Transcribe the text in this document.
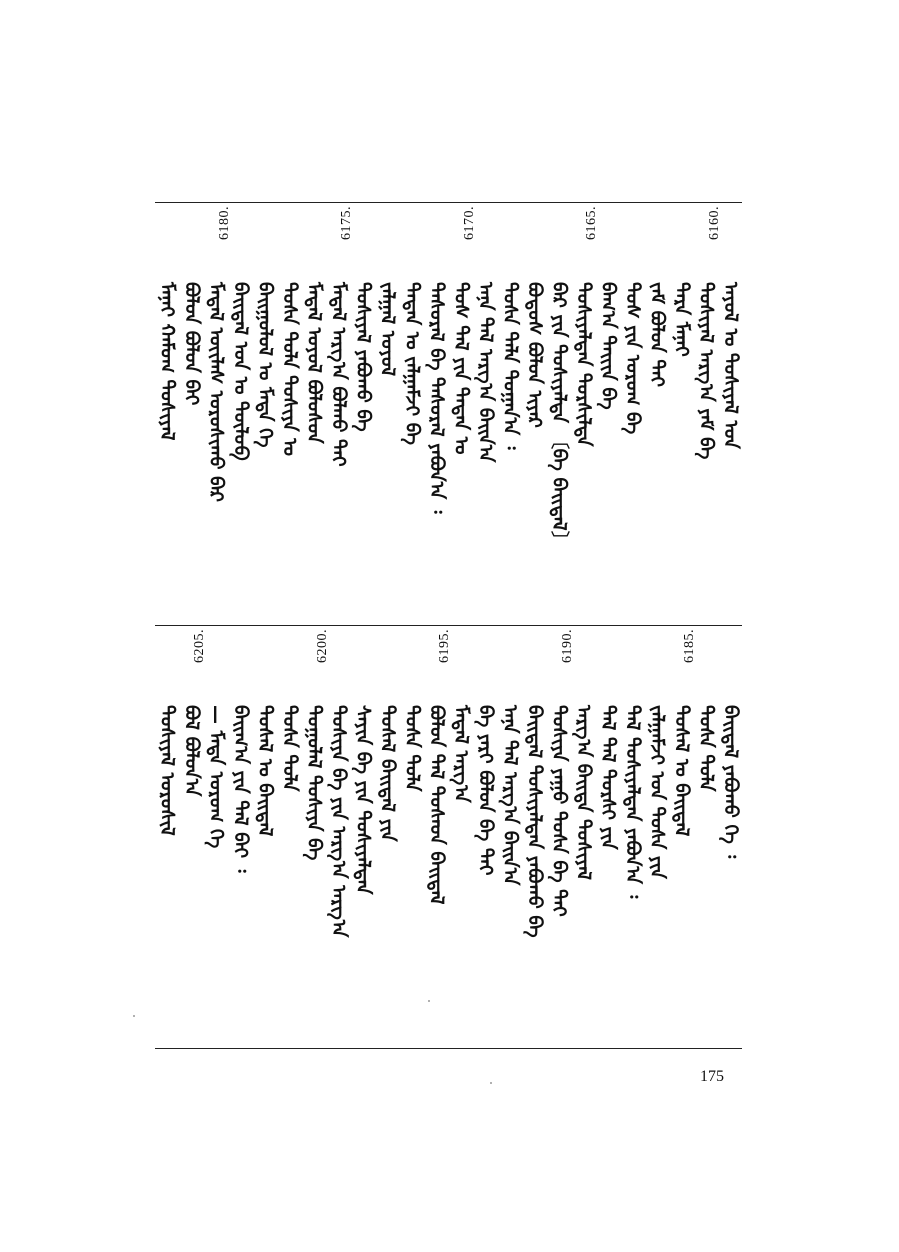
ᠮᠠᠨᠠᠢ ᠬᠠᠮᠤᠭ ᠲᠤᠰᠢᠶᠠᠯ ᠪᠣᠯᠤᠨ ᠪᠣᠯᠤᠨ ᠪᠠᠢ ᠮᠡᠳᠡᠯ ᠦᠢᠯᠡᠰ ᠤᠷᠤᠰᠢᠬᠤ ᠪᠠᠷ
6180.
ᠪᠠᠢᠳᠠᠯ ᠣᠨ ᠤ ᠲᠥᠯᠦᠪ ᠪᠠᠢᠭᠤᠯᠤᠯ ᠤ ᠮᠡᠳᠡ ᠬᠡ ᠲᠤᠰᠠ ᠲᠣᠯᠠ ᠲᠤᠰᠢᠶᠠ ᠤ ᠮᠡᠳᠡᠯ ᠣᠶᠤᠯ ᠪᠣᠯᠤᠰᠤᠨ ᠮᠡᠳᠡᠯ ᠠᠷᠭ᠎ᠠ ᠪᠣᠯᠬᠤ ᠲᠠᠢ
6175.
ᠲᠤᠰᠢᠶᠠᠯ ᠶᠠᠪᠤᠬᠤ ᠪᠠ ᠵᠠᠯᠭᠠᠯ ᠣᠶᠤᠯ ᠲᠡᠳᠡᠨ ᠤ ᠵᠠᠯᠭᠠᠮᠵᠢ ᠪᠠ ᠲᠠᠰᠤᠷᠠᠯ ᠪᠠ ᠲᠠᠰᠤᠷᠠᠯ ᠶᠠᠪᠤᠨ᠎ᠠ ᠄ ᠲᠤᠰ ᠲᠠᠯ ᠶᠢᠨ ᠲᠡᠳᠡᠨ ᠤ
6170.
ᠠᠨᠠ ᠲᠠᠯ ᠠᠷᠭ᠎ᠠ ᠪᠠᠢᠨ᠎ᠠ ᠲᠤᠰᠠ ᠲᠠᠯᠠ ᠲᠣᠭᠠᠨ᠎ᠠ ᠄ ᠪᠣᠳᠤᠰ ᠪᠣᠯᠤᠨ ᠢᠶᠠᠷ ᠪᠠᠷ ᠶᠢᠨ ᠲᠤᠰᠢᠶᠠᠯᠲᠠ 〔ᠪᠠ ᠪᠠᠢᠳᠠᠯ〕 ᠲᠤᠰᠢᠶᠠᠯᠲᠠᠨ ᠲᠤᠷᠰᠢᠯᠲᠠ
6165.
ᠪᠠᠭ᠎ᠠ ᠲᠠᠢᠢᠨ ᠪᠠ ᠲᠤᠰ ᠶᠢᠨ ᠤᠷᠤᠭ ᠪᠠ ᠵᠠᠮ ᠪᠣᠯᠤᠨ ᠲᠠᠢ ᠲᠡᠷᠡ ᠮᠠᠨᠠᠢ ᠲᠤᠰᠢᠶᠠᠯ ᠠᠷᠭ᠎ᠠ ᠶᠠᠮ ᠪᠠ
6160.
ᠠᠶᠤᠯ ᠤ ᠲᠤᠰᠢᠶᠠᠯ ᠤᠨ
ᠲᠤᠰᠢᠶᠠᠯ ᠤᠷᠤᠰᠢᠯ ᠪᠣᠯ ᠪᠣᠯᠤᠨ᠎ᠠ
6205.
— ᠮᠡᠳᠡ ᠤᠷᠤᠭ ᠬᠡ ᠪᠠᠢᠭ᠎ᠠ ᠶᠢᠨ ᠲᠠᠯ ᠪᠠᠢ ᠄ ᠲᠤᠰᠠᠯ ᠤ ᠪᠠᠢᠳᠠᠯ ᠲᠤᠰᠠ ᠲᠣᠯᠠ ᠲᠣᠭᠤᠯᠠᠯ ᠲᠤᠰᠢᠶᠠ ᠪᠠ
6200.
ᠲᠤᠰᠢᠶᠠ ᠪᠠ ᠶᠢᠨ ᠠᠷᠭ᠎ᠠ ᠠᠷᠭ᠎ᠠ ᠰᠠᠶᠢᠨ ᠪᠠ ᠶᠢᠨ ᠲᠤᠰᠢᠶᠠᠯᠲᠠᠨ ᠲᠤᠰᠠᠯ ᠪᠠᠢᠳᠠᠯ ᠶᠢᠨ ᠲᠤᠰᠠ ᠲᠣᠯᠠ ᠪᠣᠯᠤᠨ ᠲᠠᠯ ᠲᠤᠰᠠᠳ ᠪᠠᠢᠳᠠᠯ
6195.
ᠮᠡᠳᠡᠯ ᠠᠷᠭ᠎ᠠ ᠪᠠ ᠶᠠᠷᠢ ᠪᠣᠯᠤᠨ ᠪᠠ ᠲᠠᠢ ᠠᠨᠠ ᠲᠠᠯ ᠠᠷᠭ᠎ᠠ ᠪᠠᠢᠨ᠎ᠠ ᠪᠠᠢᠲᠠᠯ ᠲᠤᠰᠢᠶᠠᠯᠲᠠᠨ ᠶᠠᠪᠤᠬᠤ ᠪᠠ ᠲᠤᠰᠢᠶᠠ ᠶᠠᠭᠤ ᠲᠤᠰᠠ ᠪᠠ ᠲᠠᠢ
6190.
ᠠᠷᠭ᠎ᠠ ᠪᠠᠢᠳᠠ ᠲᠤᠰᠢᠶᠠᠯ ᠲᠠᠯ ᠲᠠᠯ ᠲᠤᠷᠰᠢ ᠶᠢᠨ ᠲᠠᠯ ᠲᠤᠰᠢᠶᠠᠯᠲᠠᠨ ᠶᠠᠪᠤᠨ᠎ᠠ ᠄ ᠵᠠᠯᠭᠠᠮᠵᠢ ᠤᠨ ᠲᠤᠰᠠ ᠶᠢᠨ ᠲᠤᠰᠠᠯ ᠤ ᠪᠠᠢᠳᠠᠯ
6185.
ᠲᠤᠰᠠ ᠲᠣᠯᠠ ᠪᠠᠢᠳᠠᠯ ᠶᠠᠪᠤᠬᠤ ᠬᠡ ᠄
175
